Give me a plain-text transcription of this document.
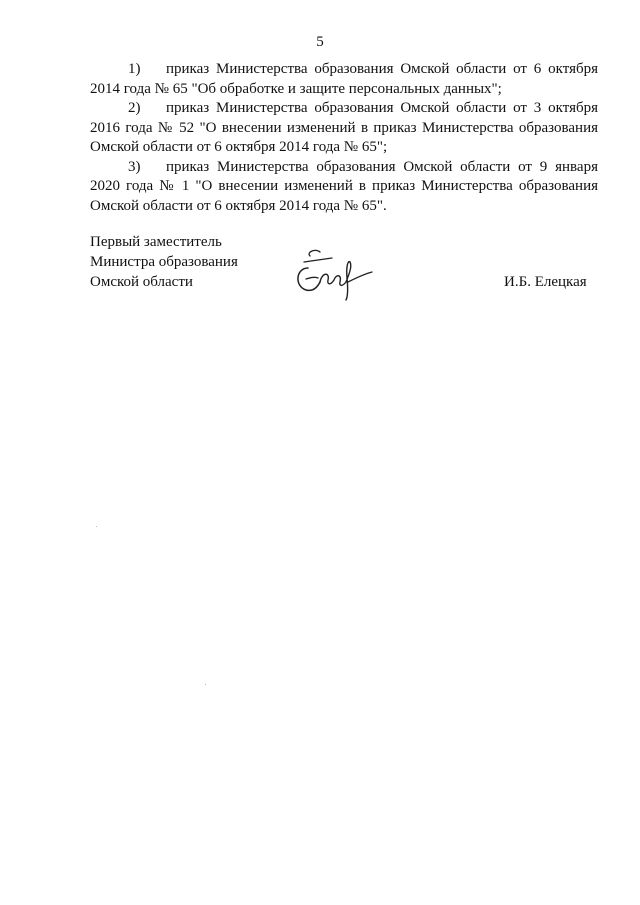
5

1) приказ Министерства образования Омской области от 6 октября 2014 года № 65 "Об обработке и защите персональных данных";

2) приказ Министерства образования Омской области от 3 октября 2016 года № 52 "О внесении изменений в приказ Министерства образования Омской области от 6 октября 2014 года № 65";

3) приказ Министерства образования Омской области от 9 января 2020 года № 1 "О внесении изменений в приказ Министерства образования Омской области от 6 октября 2014 года № 65".

Первый заместитель
Министра образования
Омской области	И.Б. Елецкая
